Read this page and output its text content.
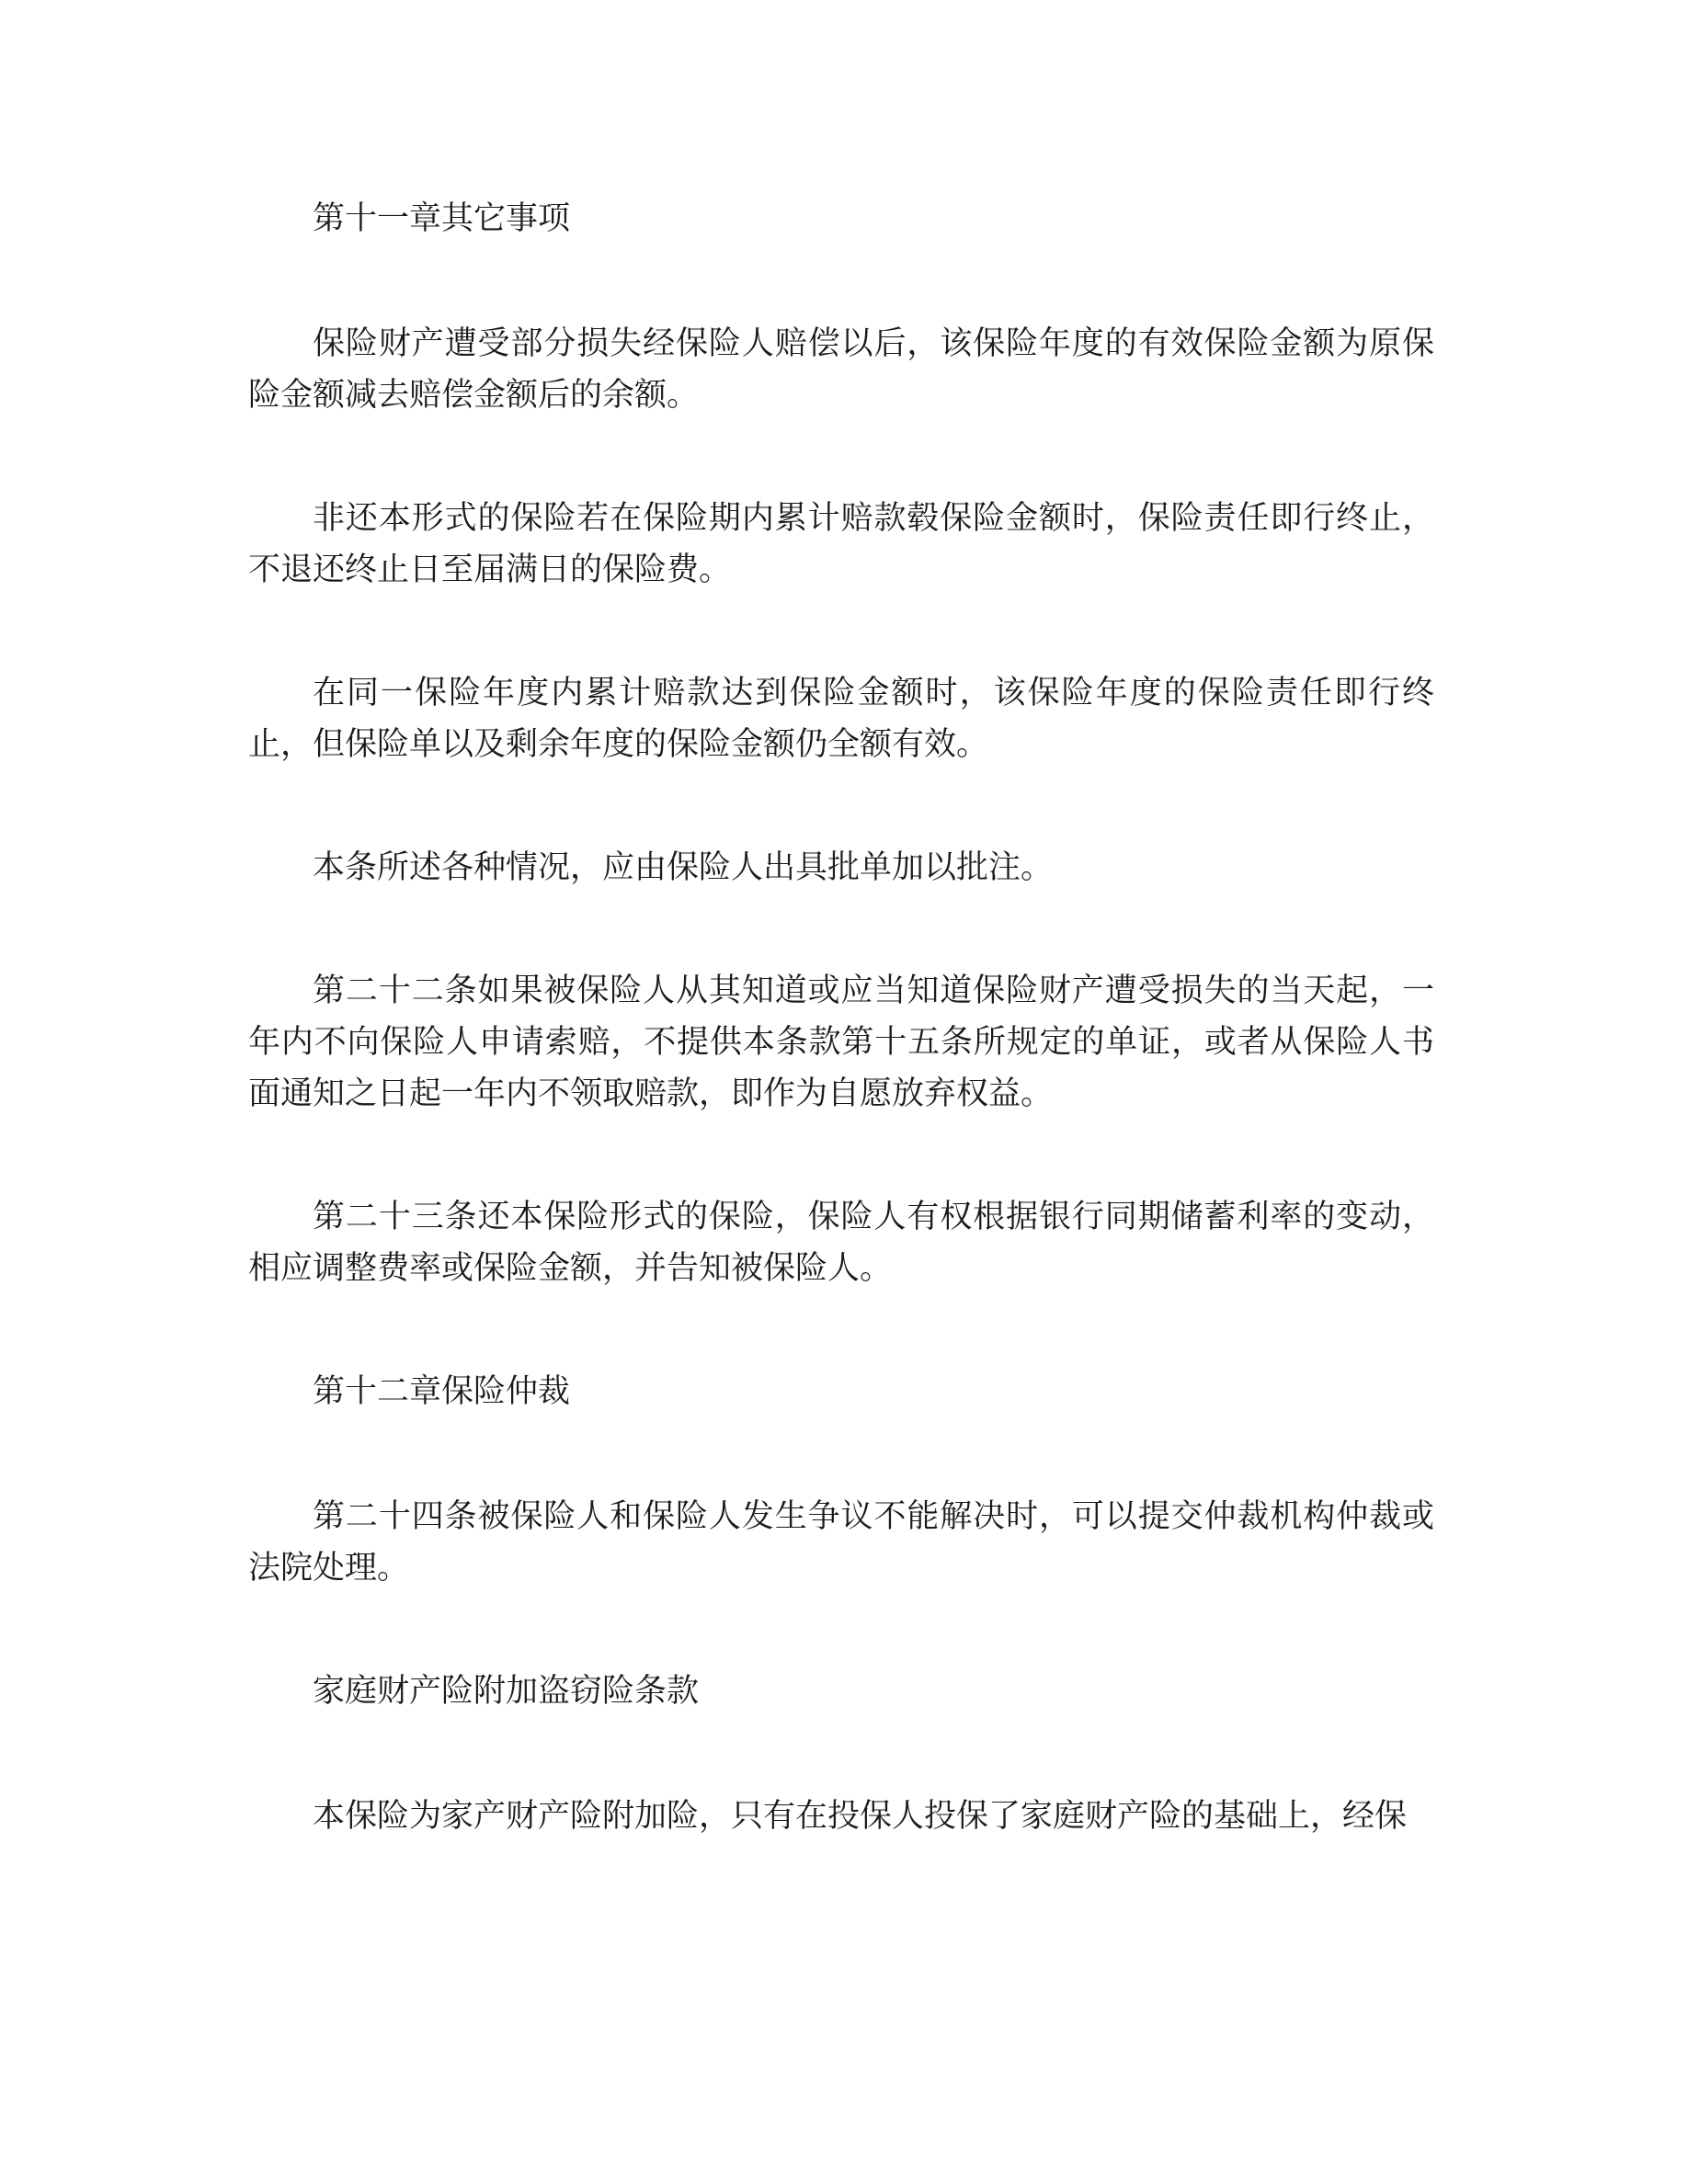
第十一章其它事项

保险财产遭受部分损失经保险人赔偿以后，该保险年度的有效保险金额为原保险金额减去赔偿金额后的余额。

非还本形式的保险若在保险期内累计赔款毂保险金额时，保险责任即行终止，不退还终止日至届满日的保险费。

在同一保险年度内累计赔款达到保险金额时，该保险年度的保险责任即行终止，但保险单以及剩余年度的保险金额仍全额有效。

本条所述各种情况，应由保险人出具批单加以批注。

第二十二条如果被保险人从其知道或应当知道保险财产遭受损失的当天起，一年内不向保险人申请索赔，不提供本条款第十五条所规定的单证，或者从保险人书面通知之日起一年内不领取赔款，即作为自愿放弃权益。

第二十三条还本保险形式的保险，保险人有权根据银行同期储蓄利率的变动，相应调整费率或保险金额，并告知被保险人。

第十二章保险仲裁

第二十四条被保险人和保险人发生争议不能解决时，可以提交仲裁机构仲裁或法院处理。

家庭财产险附加盗窃险条款

本保险为家产财产险附加险，只有在投保人投保了家庭财产险的基础上，经保
